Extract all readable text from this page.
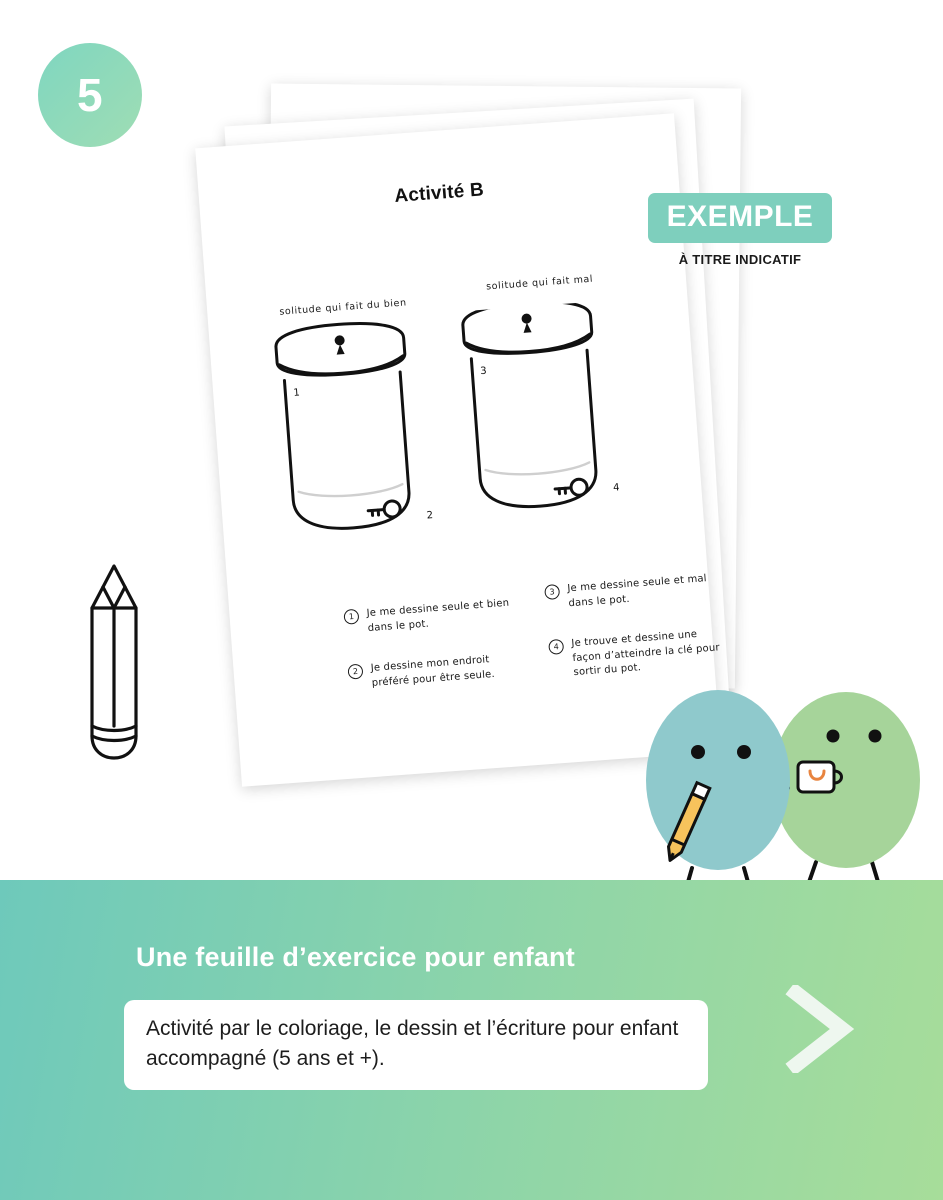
5
Activité B
solitude qui fait du bien
solitude qui fait mal
1
2
3
4
1	Je me dessine seule et bien dans le pot.
2	Je dessine mon endroit préféré pour être seule.
3	Je me dessine seule et mal dans le pot.
4	Je trouve et dessine une façon d’atteindre la clé pour sortir du pot.
EXEMPLE
À TITRE INDICATIF
Une feuille d’exercice pour enfant

Activité par le coloriage, le dessin et l’écriture pour enfant accompagné (5 ans et +).
